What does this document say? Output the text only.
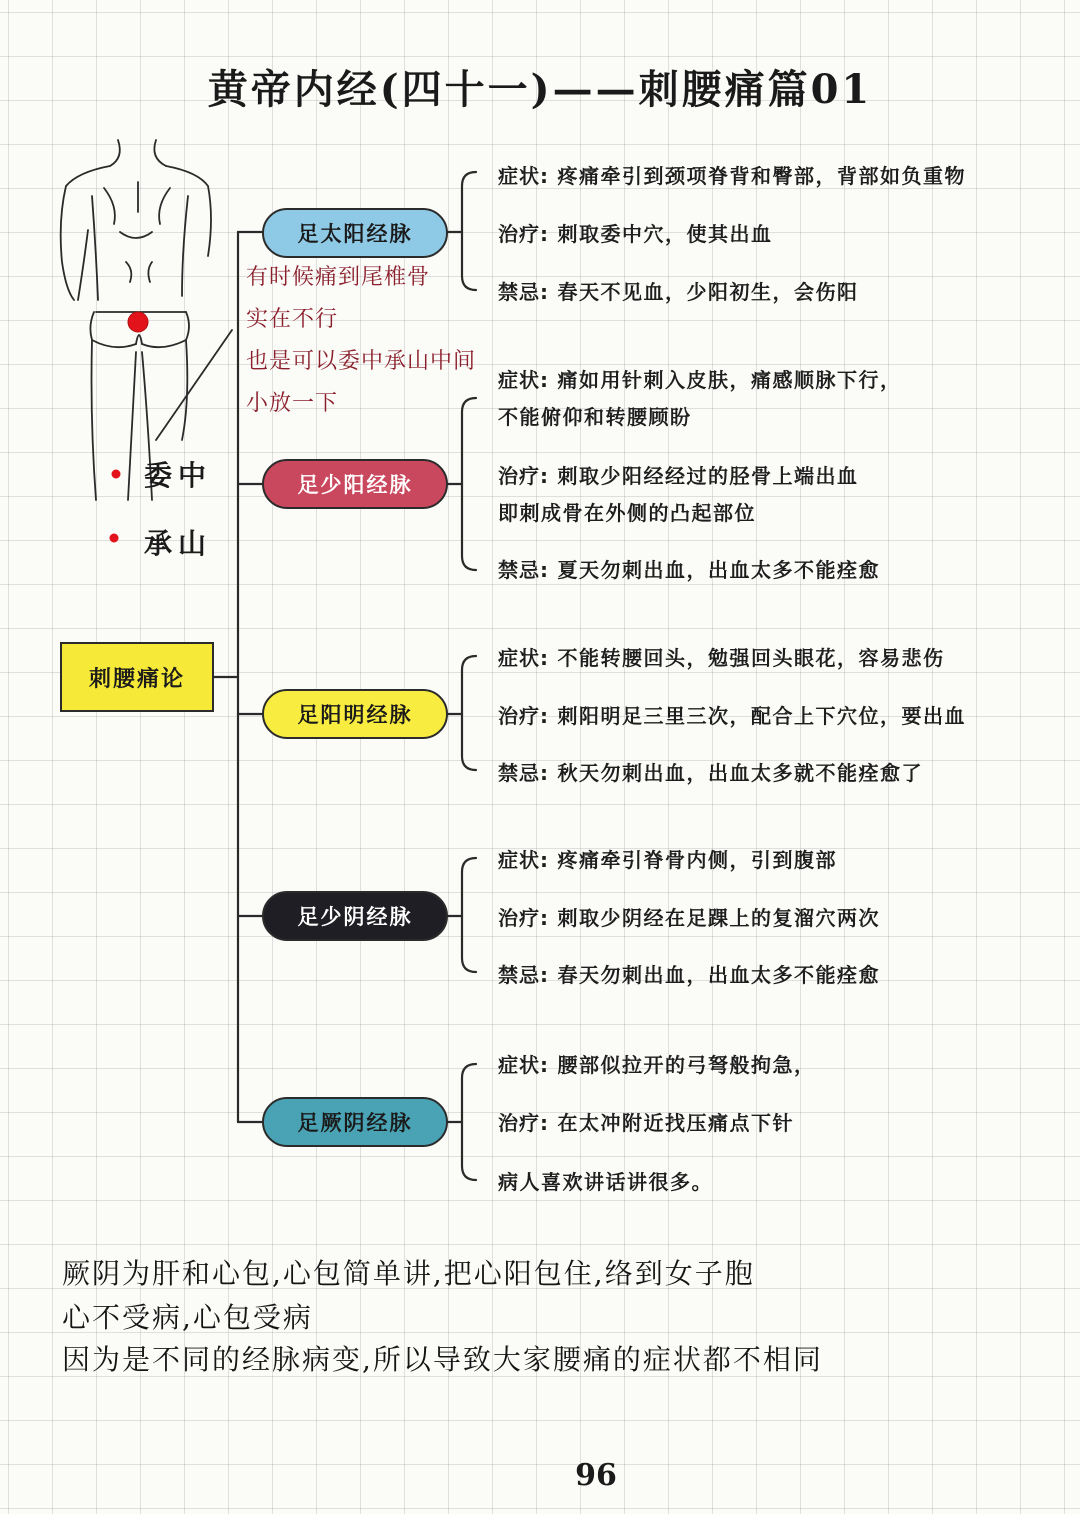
黄帝内经(四十一)——刺腰痛篇01
委中
承山
有时候痛到尾椎骨
实在不行
也是可以委中承山中间
小放一下
刺腰痛论
足太阳经脉
足少阳经脉
足阳明经脉
足少阴经脉
足厥阴经脉
症状: 疼痛牵引到颈项脊背和臀部，背部如负重物
治疗: 刺取委中穴，使其出血
禁忌: 春天不见血，少阳初生，会伤阳
症状: 痛如用针刺入皮肤，痛感顺脉下行，
不能俯仰和转腰顾盼
治疗: 刺取少阳经经过的胫骨上端出血
即刺成骨在外侧的凸起部位
禁忌: 夏天勿刺出血，出血太多不能痊愈
症状: 不能转腰回头，勉强回头眼花，容易悲伤
治疗: 刺阳明足三里三次，配合上下穴位，要出血
禁忌: 秋天勿刺出血，出血太多就不能痊愈了
症状: 疼痛牵引脊骨内侧，引到腹部
治疗: 刺取少阴经在足踝上的复溜穴两次
禁忌: 春天勿刺出血，出血太多不能痊愈
症状: 腰部似拉开的弓弩般拘急，
治疗: 在太冲附近找压痛点下针
病人喜欢讲话讲很多。
厥阴为肝和心包,心包简单讲,把心阳包住,络到女子胞
心不受病,心包受病
因为是不同的经脉病变,所以导致大家腰痛的症状都不相同
96
